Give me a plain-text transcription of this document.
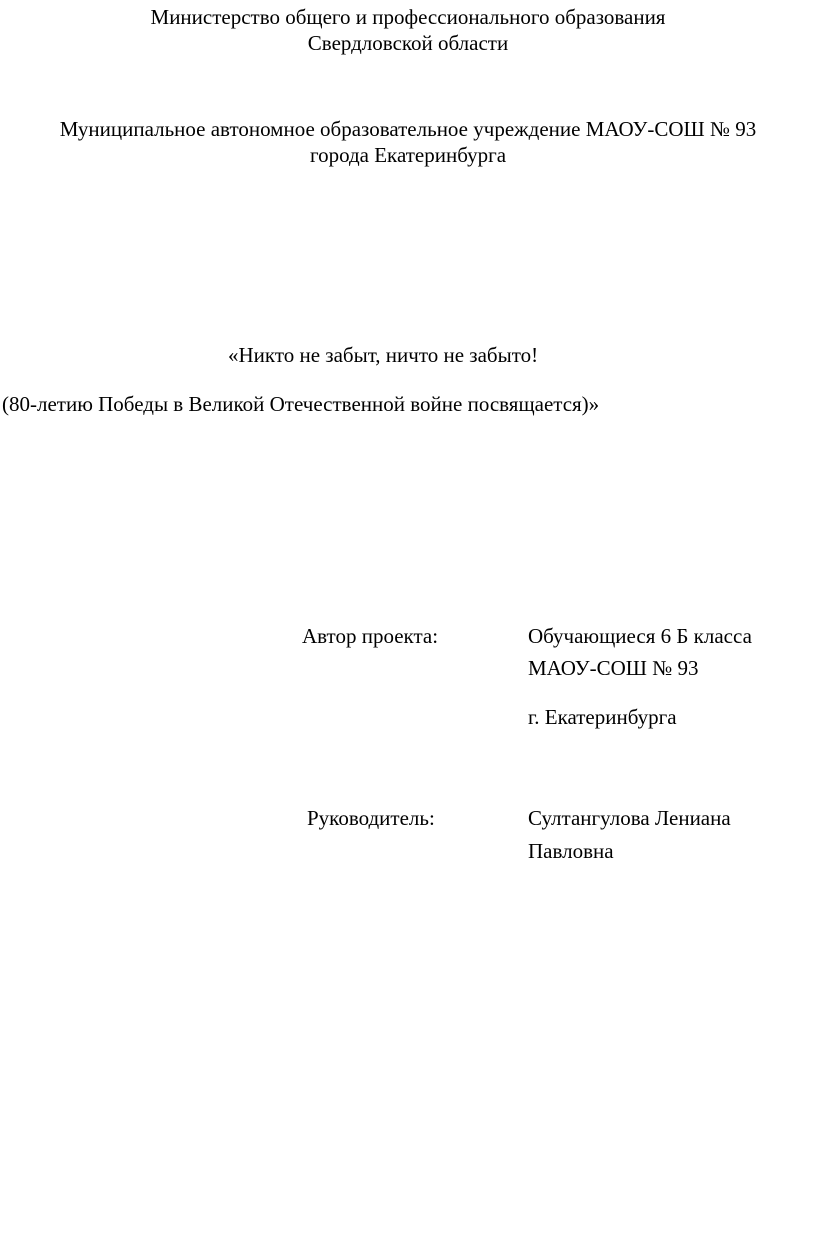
Министерство общего и профессионального образования
Свердловской области
Муниципальное автономное образовательное учреждение МАОУ-СОШ № 93
города Екатеринбурга
«Никто не забыт, ничто не забыто!
(80-летию Победы в Великой Отечественной войне посвящается)»
Автор проекта:	Обучающиеся 6 Б класса
МАОУ-СОШ № 93
г. Екатеринбурга
Руководитель:	Султангулова Лениана
Павловна
